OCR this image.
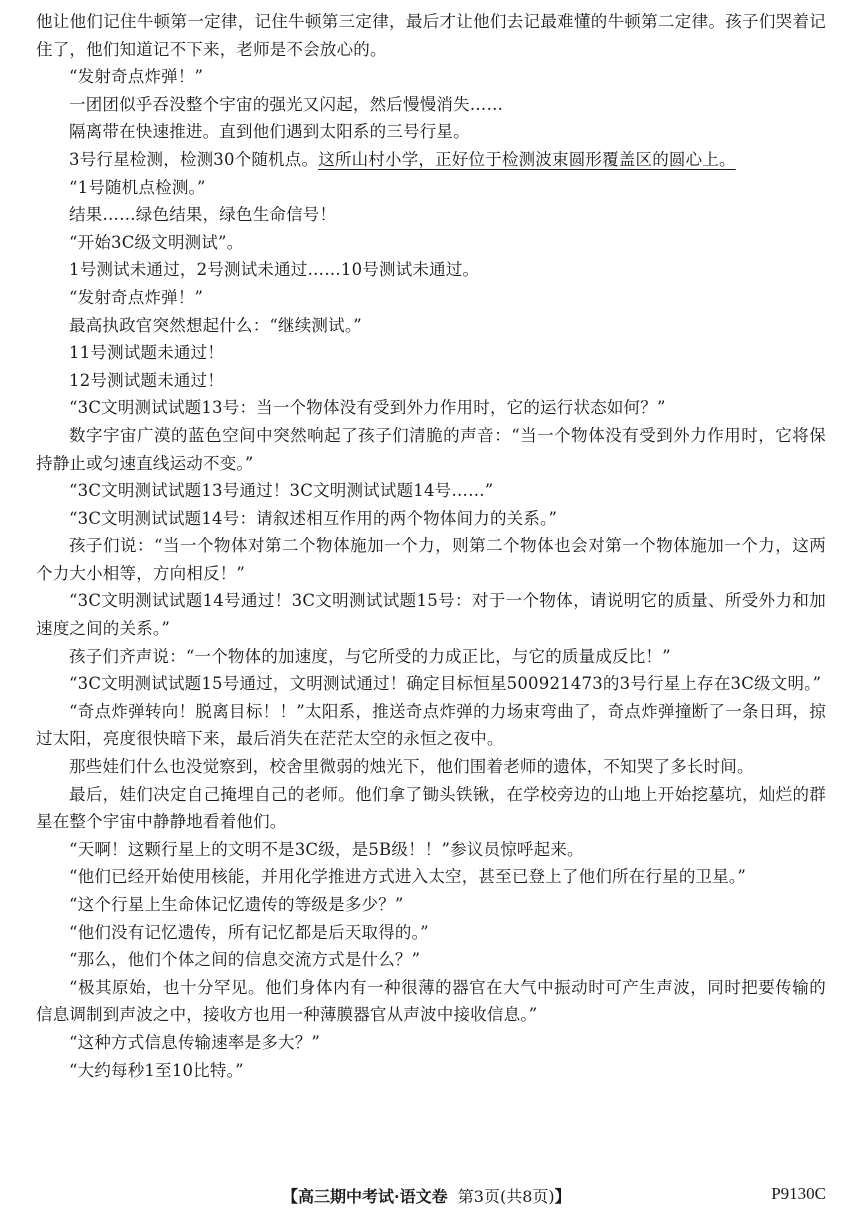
他让他们记住牛顿第一定律，记住牛顿第三定律，最后才让他们去记最难懂的牛顿第二定律。孩子们哭着记住了，他们知道记不下来，老师是不会放心的。

“发射奇点炸弹！”

一团团似乎吞没整个宇宙的强光又闪起，然后慢慢消失……

隔离带在快速推进。直到他们遇到太阳系的三号行星。

3号行星检测，检测30个随机点。这所山村小学，正好位于检测波束圆形覆盖区的圆心上。

“1号随机点检测。”

结果……绿色结果，绿色生命信号！

“开始3C级文明测试”。

1号测试未通过，2号测试未通过……10号测试未通过。

“发射奇点炸弹！”

最高执政官突然想起什么：“继续测试。”

11号测试题未通过！

12号测试题未通过！

“3C文明测试试题13号：当一个物体没有受到外力作用时，它的运行状态如何？”

数字宇宙广漠的蓝色空间中突然响起了孩子们清脆的声音：“当一个物体没有受到外力作用时，它将保持静止或匀速直线运动不变。”

“3C文明测试试题13号通过！3C文明测试试题14号……”

“3C文明测试试题14号：请叙述相互作用的两个物体间力的关系。”

孩子们说：“当一个物体对第二个物体施加一个力，则第二个物体也会对第一个物体施加一个力，这两个力大小相等，方向相反！”

“3C文明测试试题14号通过！3C文明测试试题15号：对于一个物体，请说明它的质量、所受外力和加速度之间的关系。”

孩子们齐声说：“一个物体的加速度，与它所受的力成正比，与它的质量成反比！”

“3C文明测试试题15号通过，文明测试通过！确定目标恒星500921473的3号行星上存在3C级文明。”

“奇点炸弹转向！脱离目标！！”太阳系，推送奇点炸弹的力场束弯曲了，奇点炸弹撞断了一条日珥，掠过太阳，亮度很快暗下来，最后消失在茫茫太空的永恒之夜中。

那些娃们什么也没觉察到，校舍里微弱的烛光下，他们围着老师的遗体，不知哭了多长时间。

最后，娃们决定自己掩埋自己的老师。他们拿了锄头铁锹，在学校旁边的山地上开始挖墓坑，灿烂的群星在整个宇宙中静静地看着他们。

“天啊！这颗行星上的文明不是3C级，是5B级！！”参议员惊呼起来。

“他们已经开始使用核能，并用化学推进方式进入太空，甚至已登上了他们所在行星的卫星。”

“这个行星上生命体记忆遗传的等级是多少？”

“他们没有记忆遗传，所有记忆都是后天取得的。”

“那么，他们个体之间的信息交流方式是什么？”

“极其原始，也十分罕见。他们身体内有一种很薄的器官在大气中振动时可产生声波，同时把要传输的信息调制到声波之中，接收方也用一种薄膜器官从声波中接收信息。”

“这种方式信息传输速率是多大？”

“大约每秒1至10比特。”

【高三期中考试·语文卷 第3页(共8页)】	P9130C
